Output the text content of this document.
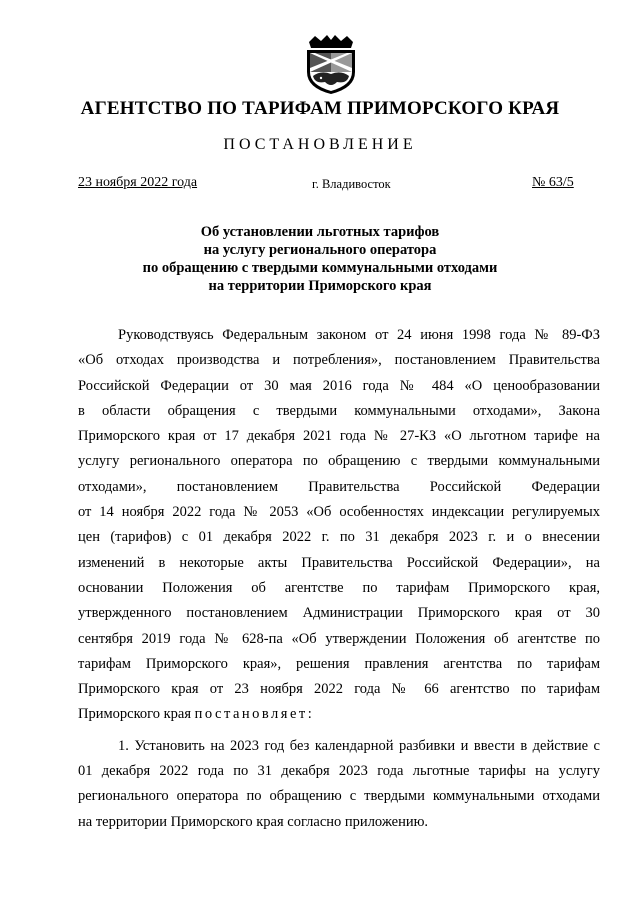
АГЕНТСТВО ПО ТАРИФАМ ПРИМОРСКОГО КРАЯ
ПОСТАНОВЛЕНИЕ
23 ноября 2022 года	г. Владивосток	№ 63/5
Об установлении льготных тарифов
на услугу регионального оператора
по обращению с твердыми коммунальными отходами
на территории Приморского края
Руководствуясь Федеральным законом от 24 июня 1998 года № 89-ФЗ
«Об отходах производства и потребления», постановлением Правительства
Российской Федерации от 30 мая 2016 года № 484 «О ценообразовании
в области обращения с твердыми коммунальными отходами», Закона
Приморского края от 17 декабря 2021 года № 27-КЗ «О льготном тарифе на
услугу регионального оператора по обращению с твердыми коммунальными
отходами», постановлением Правительства Российской Федерации
от 14 ноября 2022 года № 2053 «Об особенностях индексации регулируемых
цен (тарифов) с 01 декабря 2022 г. по 31 декабря 2023 г. и о внесении
изменений в некоторые акты Правительства Российской Федерации», на
основании Положения об агентстве по тарифам Приморского края,
утвержденного постановлением Администрации Приморского края от 30
сентября 2019 года № 628-па «Об утверждении Положения об агентстве по
тарифам Приморского края», решения правления агентства по тарифам
Приморского края от 23 ноября 2022 года № 66 агентство по тарифам
Приморского края постановляет:
1. Установить на 2023 год без календарной разбивки и ввести в действие с
01 декабря 2022 года по 31 декабря 2023 года льготные тарифы на услугу
регионального оператора по обращению с твердыми коммунальными отходами
на территории Приморского края согласно приложению.
